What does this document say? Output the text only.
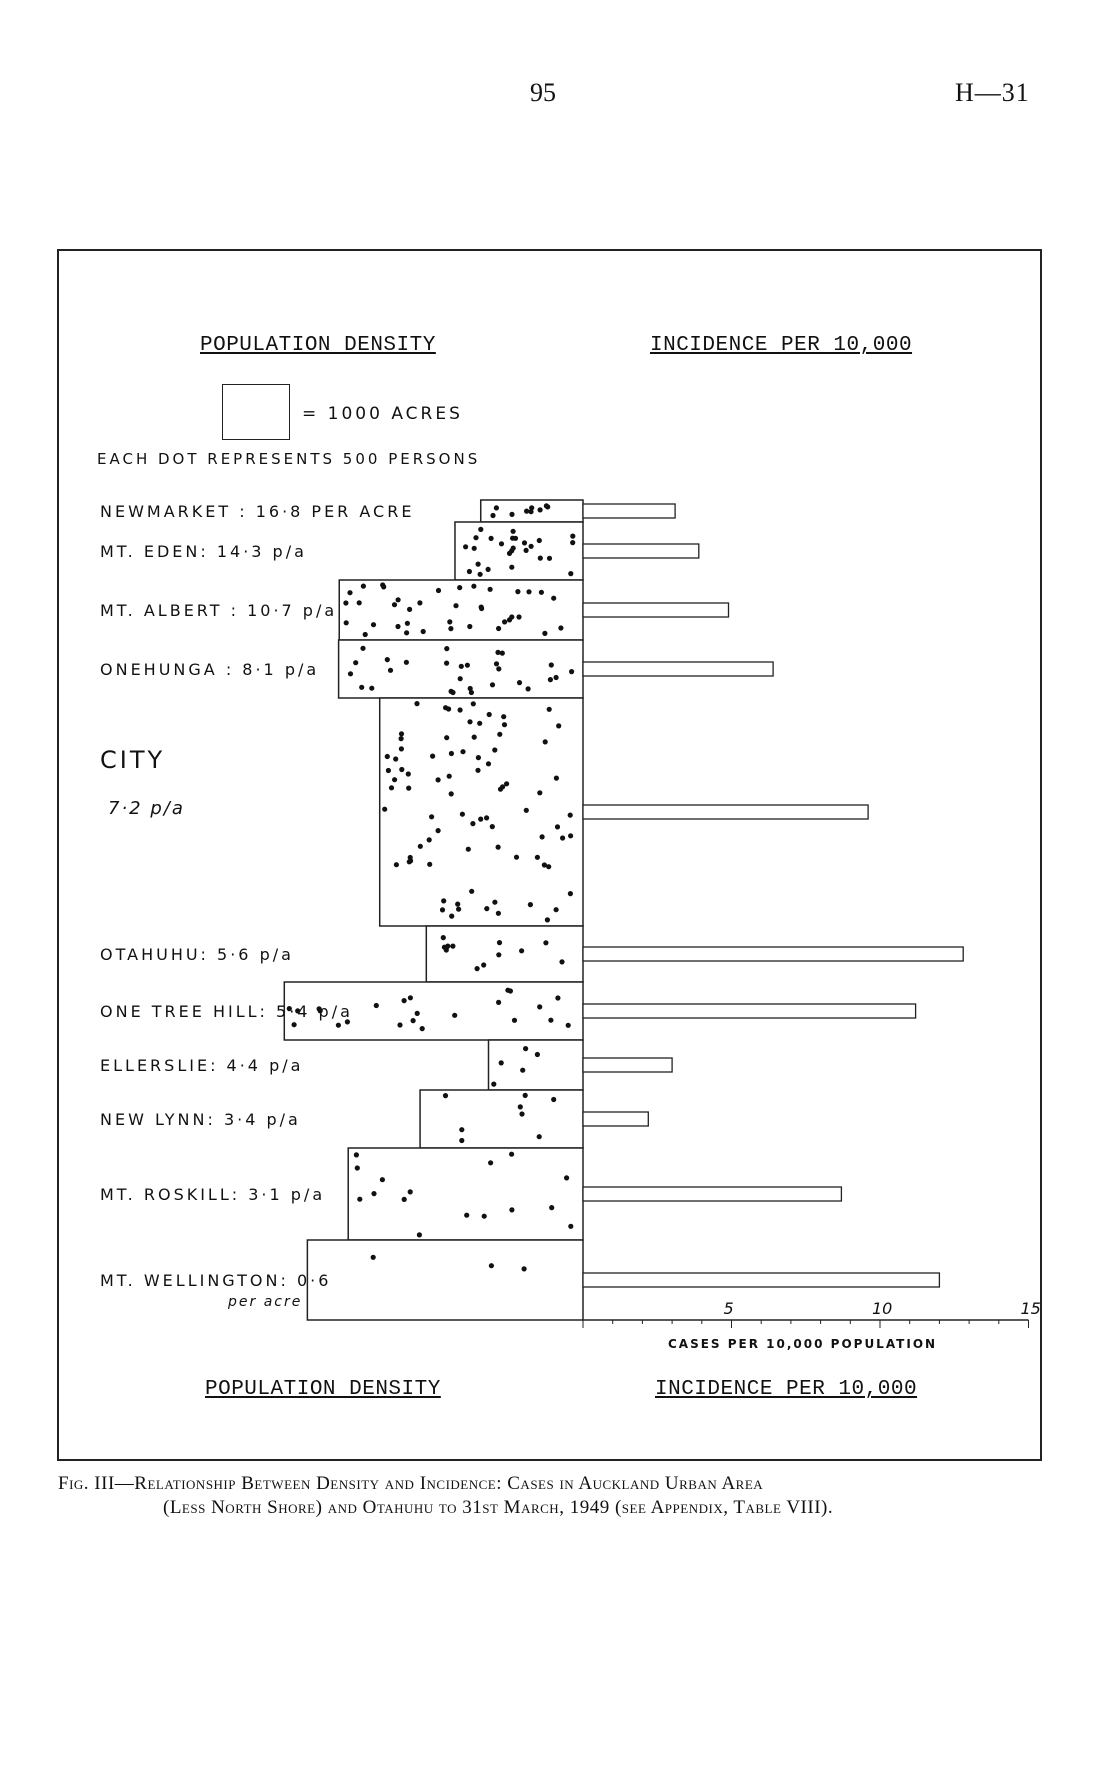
95	H—31
POPULATION DENSITY	INCIDENCE PER 10,000
= 1000 ACRES
EACH DOT REPRESENTS 500 PERSONS
NEWMARKET : 16·8 PER ACRE
MT. EDEN: 14·3 p/a
MT. ALBERT : 10·7 p/a
ONEHUNGA : 8·1 p/a
CITY
7·2 p/a
OTAHUHU: 5·6 p/a
ONE TREE HILL: 5·4 p/a
ELLERSLIE: 4·4 p/a
NEW LYNN: 3·4 p/a
MT. ROSKILL: 3·1 p/a
MT. WELLINGTON: 0·6
per acre	5	10	15
CASES PER 10,000 POPULATION
POPULATION DENSITY	INCIDENCE PER 10,000
Fig. III—Relationship Between Density and Incidence: Cases in Auckland Urban Area
(Less North Shore) and Otahuhu to 31st March, 1949 (see Appendix, Table VIII).
